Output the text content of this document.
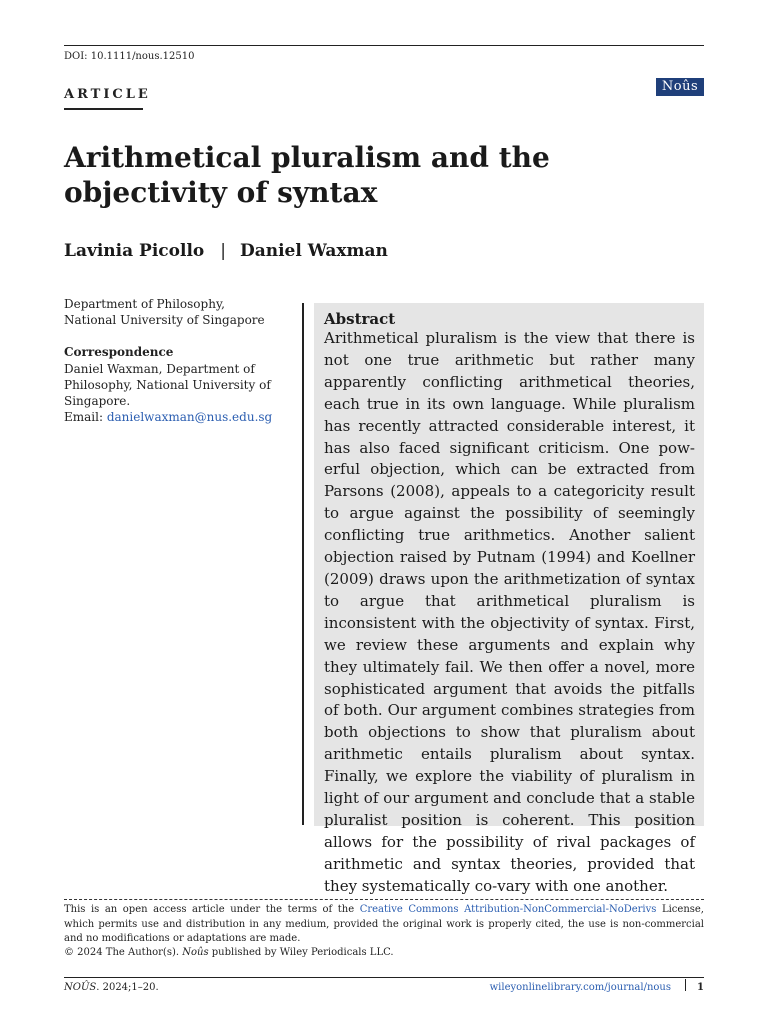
DOI: 10.1111/nous.12510
ARTICLE
Noûs
Arithmetical pluralism and the objectivity of syntax
Lavinia Picollo | Daniel Waxman
Department of Philosophy, National University of Singapore
Correspondence
Daniel Waxman, Department of Philosophy, National University of Singapore.
Email: danielwaxman@nus.edu.sg

Abstract

Arithmetical pluralism is the view that there is not one true arithmetic but rather many apparently conflicting arithmetical theories, each true in its own language. While pluralism has recently attracted considerable interest, it has also faced significant criticism. One powerful objection, which can be extracted from Parsons (2008), appeals to a categoricity result to argue against the possibility of seemingly conflicting true arithmetics. Another salient objection raised by Putnam (1994) and Koellner (2009) draws upon the arithmetization of syntax to argue that arithmetical pluralism is inconsistent with the objectivity of syntax. First, we review these arguments and explain why they ultimately fail. We then offer a novel, more sophisticated argument that avoids the pitfalls of both. Our argument combines strategies from both objections to show that pluralism about arithmetic entails pluralism about syntax. Finally, we explore the viability of pluralism in light of our argument and conclude that a stable pluralist position is coherent. This position allows for the possibility of rival packages of arithmetic and syntax theories, provided that they systematically co-vary with one another.

This is an open access article under the terms of the Creative Commons Attribution-NonCommercial-NoDerivs License, which permits use and distribution in any medium, provided the original work is properly cited, the use is non-commercial and no modifications or adaptations are made.
© 2024 The Author(s). Noûs published by Wiley Periodicals LLC.
NOÛS. 2024;1–20.	wileyonlinelibrary.com/journal/nous	1
